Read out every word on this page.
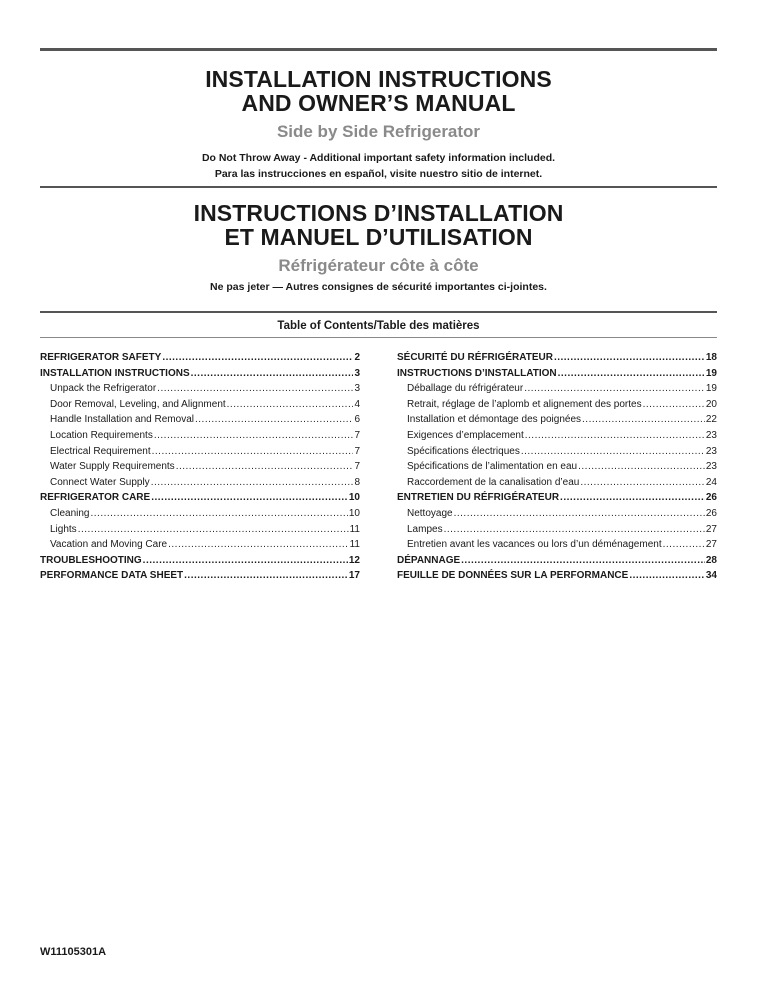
INSTALLATION INSTRUCTIONS
AND OWNER’S MANUAL
Side by Side Refrigerator
Do Not Throw Away - Additional important safety information included.
Para las instrucciones en español, visite nuestro sitio de internet.
INSTRUCTIONS D’INSTALLATION
ET MANUEL D’UTILISATION
Réfrigérateur côte à côte
Ne pas jeter — Autres consignes de sécurité importantes ci-jointes.
Table of Contents/Table des matières
REFRIGERATOR SAFETY .....	2
INSTALLATION INSTRUCTIONS .....	3
Unpack the Refrigerator .....	3
Door Removal, Leveling, and Alignment .....	4
Handle Installation and Removal .....	6
Location Requirements .....	7
Electrical Requirement .....	7
Water Supply Requirements .....	7
Connect Water Supply .....	8
REFRIGERATOR CARE .....	10
Cleaning .....	10
Lights .....	11
Vacation and Moving Care .....	11
TROUBLESHOOTING .....	12
PERFORMANCE DATA SHEET .....	17
SÉCURITÉ DU RÉFRIGÉRATEUR .....	18
INSTRUCTIONS D’INSTALLATION .....	19
Déballage du réfrigérateur .....	19
Retrait, réglage de l’aplomb et alignement des portes .....	20
Installation et démontage des poignées .....	22
Exigences d’emplacement .....	23
Spécifications électriques .....	23
Spécifications de l’alimentation en eau .....	23
Raccordement de la canalisation d’eau .....	24
ENTRETIEN DU RÉFRIGÉRATEUR .....	26
Nettoyage .....	26
Lampes .....	27
Entretien avant les vacances ou lors d’un déménagement .....	27
DÉPANNAGE .....	28
FEUILLE DE DONNÉES SUR LA PERFORMANCE .....	34
W11105301A
